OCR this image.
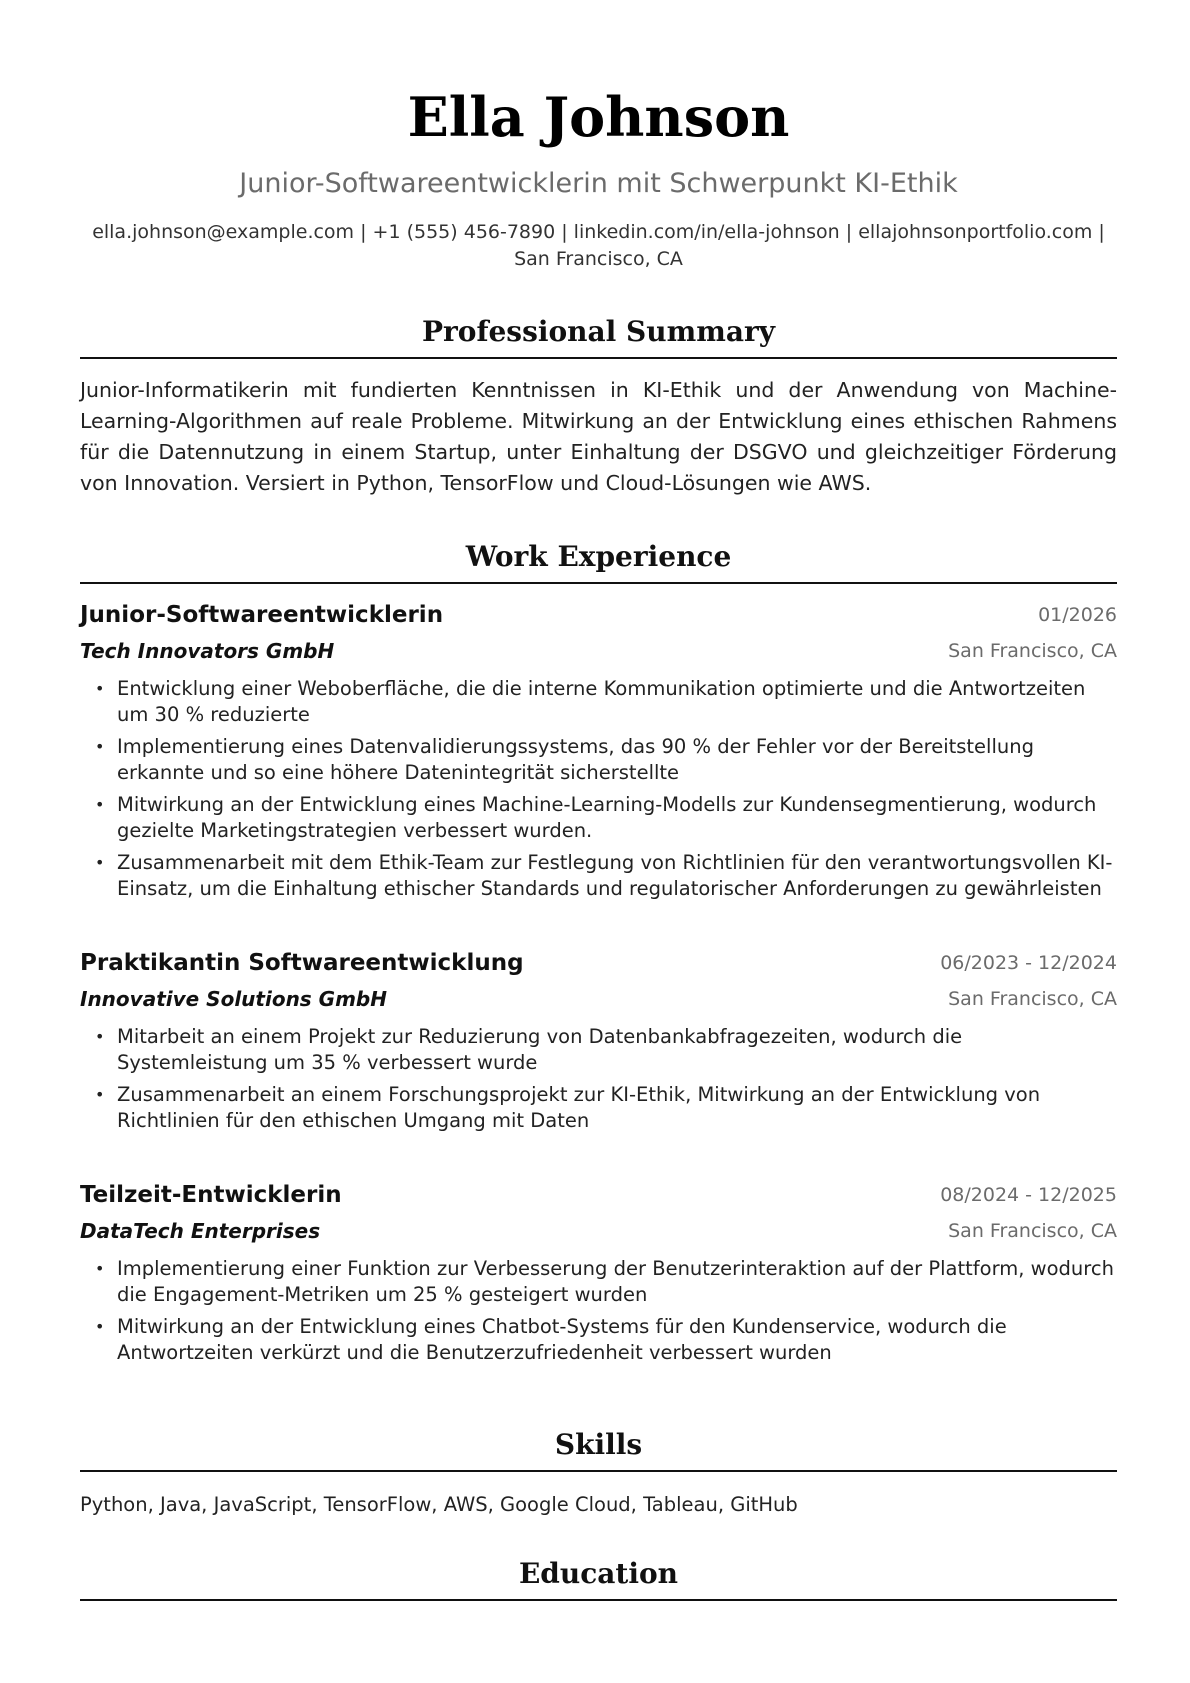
Ella Johnson

Junior-Softwareentwicklerin mit Schwerpunkt KI-Ethik

ella.johnson@example.com | +1 (555) 456-7890 | linkedin.com/in/ella-johnson | ellajohnsonportfolio.com | San Francisco, CA

Professional Summary

Junior-Informatikerin mit fundierten Kenntnissen in KI-Ethik und der Anwendung von Machine-Learning-Algorithmen auf reale Probleme. Mitwirkung an der Entwicklung eines ethischen Rahmens für die Datennutzung in einem Startup, unter Einhaltung der DSGVO und gleichzeitiger Förderung von Innovation. Versiert in Python, TensorFlow und Cloud-Lösungen wie AWS.

Work Experience
Junior-Softwareentwicklerin	01/2026
Tech Innovators GmbH	San Francisco, CA
• Entwicklung einer Weboberfläche, die die interne Kommunikation optimierte und die Antwortzeiten um 30 % reduzierte
• Implementierung eines Datenvalidierungssystems, das 90 % der Fehler vor der Bereitstellung erkannte und so eine höhere Datenintegrität sicherstellte
• Mitwirkung an der Entwicklung eines Machine-Learning-Modells zur Kundensegmentierung, wodurch gezielte Marketingstrategien verbessert wurden.
• Zusammenarbeit mit dem Ethik-Team zur Festlegung von Richtlinien für den verantwortungsvollen KI-Einsatz, um die Einhaltung ethischer Standards und regulatorischer Anforderungen zu gewährleisten
Praktikantin Softwareentwicklung	06/2023 - 12/2024
Innovative Solutions GmbH	San Francisco, CA
• Mitarbeit an einem Projekt zur Reduzierung von Datenbankabfragezeiten, wodurch die Systemleistung um 35 % verbessert wurde
• Zusammenarbeit an einem Forschungsprojekt zur KI-Ethik, Mitwirkung an der Entwicklung von Richtlinien für den ethischen Umgang mit Daten
Teilzeit-Entwicklerin	08/2024 - 12/2025
DataTech Enterprises	San Francisco, CA
• Implementierung einer Funktion zur Verbesserung der Benutzerinteraktion auf der Plattform, wodurch die Engagement-Metriken um 25 % gesteigert wurden
• Mitwirkung an der Entwicklung eines Chatbot-Systems für den Kundenservice, wodurch die Antwortzeiten verkürzt und die Benutzerzufriedenheit verbessert wurden
Skills

Python, Java, JavaScript, TensorFlow, AWS, Google Cloud, Tableau, GitHub

Education
